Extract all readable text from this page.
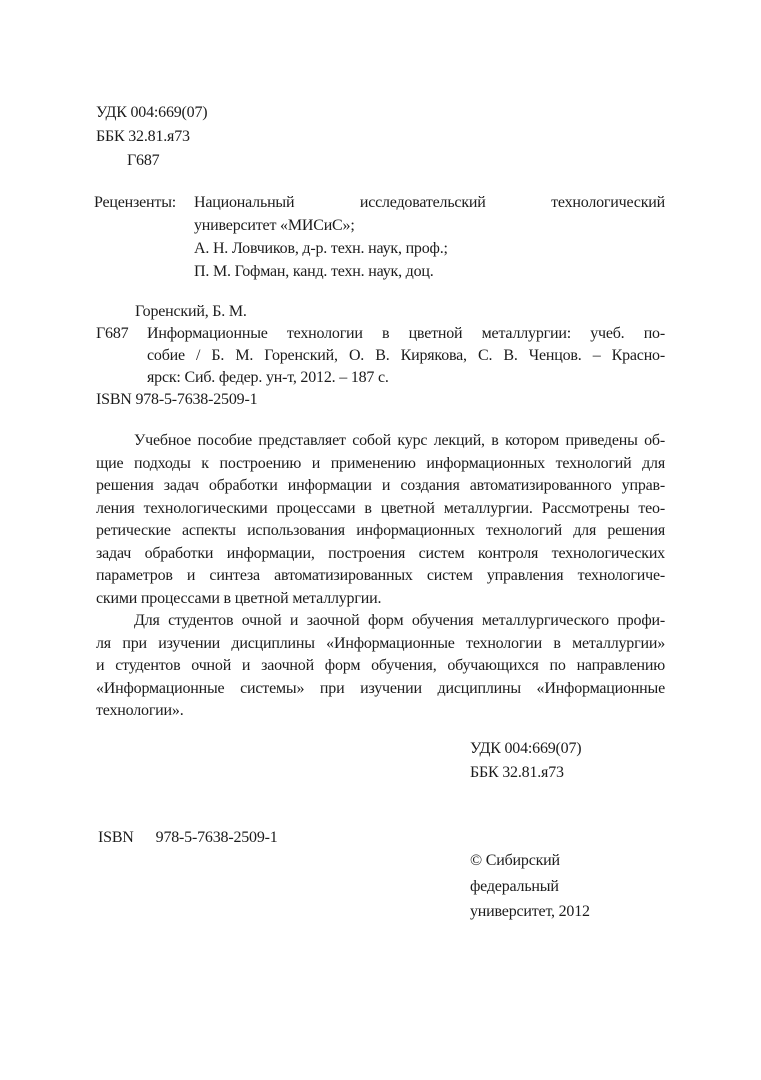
УДК 004:669(07)
ББК 32.81.я73
Г687
Рецензенты: Национальный исследовательский технологический
университет «МИСиС»;
А. Н. Ловчиков, д-р. техн. наук, проф.;
П. М. Гофман, канд. техн. наук, доц.
Горенский, Б. М.
Г687 Информационные технологии в цветной металлургии: учеб. по-
собие / Б. М. Горенский, О. В. Кирякова, С. В. Ченцов. – Красно-
ярск: Сиб. федер. ун-т, 2012. – 187 с.
ISBN 978-5-7638-2509-1
Учебное пособие представляет собой курс лекций, в котором приведены об-
щие подходы к построению и применению информационных технологий для
решения задач обработки информации и создания автоматизированного управ-
ления технологическими процессами в цветной металлургии. Рассмотрены тео-
ретические аспекты использования информационных технологий для решения
задач обработки информации, построения систем контроля технологических
параметров и синтеза автоматизированных систем управления технологиче-
скими процессами в цветной металлургии.
Для студентов очной и заочной форм обучения металлургического профи-
ля при изучении дисциплины «Информационные технологии в металлургии»
и студентов очной и заочной форм обучения, обучающихся по направлению
«Информационные системы» при изучении дисциплины «Информационные
технологии».
УДК 004:669(07)
ББК 32.81.я73
ISBN 978-5-7638-2509-1
© Сибирский
федеральный
университет, 2012
